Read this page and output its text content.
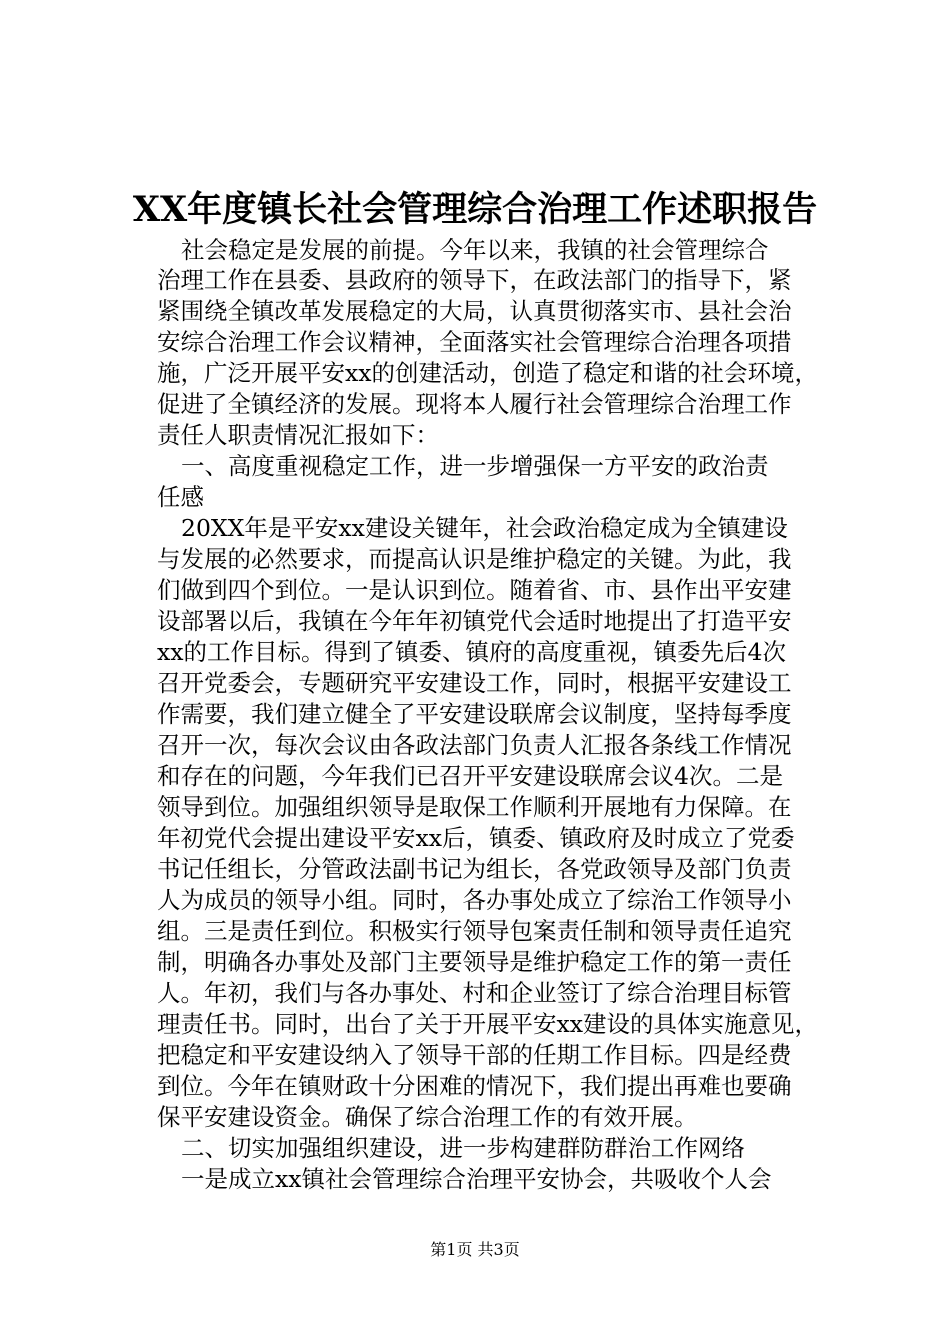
XX年度镇长社会管理综合治理工作述职报告

社会稳定是发展的前提。今年以来，我镇的社会管理综合

治理工作在县委、县政府的领导下，在政法部门的指导下，紧

紧围绕全镇改革发展稳定的大局，认真贯彻落实市、县社会治

安综合治理工作会议精神，全面落实社会管理综合治理各项措

施，广泛开展平安xx的创建活动，创造了稳定和谐的社会环境，

促进了全镇经济的发展。现将本人履行社会管理综合治理工作

责任人职责情况汇报如下：

一、高度重视稳定工作，进一步增强保一方平安的政治责

任感

20XX年是平安xx建设关键年，社会政治稳定成为全镇建设

与发展的必然要求，而提高认识是维护稳定的关键。为此，我

们做到四个到位。一是认识到位。随着省、市、县作出平安建

设部署以后，我镇在今年年初镇党代会适时地提出了打造平安

xx的工作目标。得到了镇委、镇府的高度重视，镇委先后4次

召开党委会，专题研究平安建设工作，同时，根据平安建设工

作需要，我们建立健全了平安建设联席会议制度，坚持每季度

召开一次，每次会议由各政法部门负责人汇报各条线工作情况

和存在的问题，今年我们已召开平安建设联席会议4次。二是

领导到位。加强组织领导是取保工作顺利开展地有力保障。在

年初党代会提出建设平安xx后，镇委、镇政府及时成立了党委

书记任组长，分管政法副书记为组长，各党政领导及部门负责

人为成员的领导小组。同时，各办事处成立了综治工作领导小

组。三是责任到位。积极实行领导包案责任制和领导责任追究

制，明确各办事处及部门主要领导是维护稳定工作的第一责任

人。年初，我们与各办事处、村和企业签订了综合治理目标管

理责任书。同时，出台了关于开展平安xx建设的具体实施意见，

把稳定和平安建设纳入了领导干部的任期工作目标。四是经费

到位。今年在镇财政十分困难的情况下，我们提出再难也要确

保平安建设资金。确保了综合治理工作的有效开展。

二、切实加强组织建设，进一步构建群防群治工作网络

一是成立xx镇社会管理综合治理平安协会，共吸收个人会

第1页 共3页
